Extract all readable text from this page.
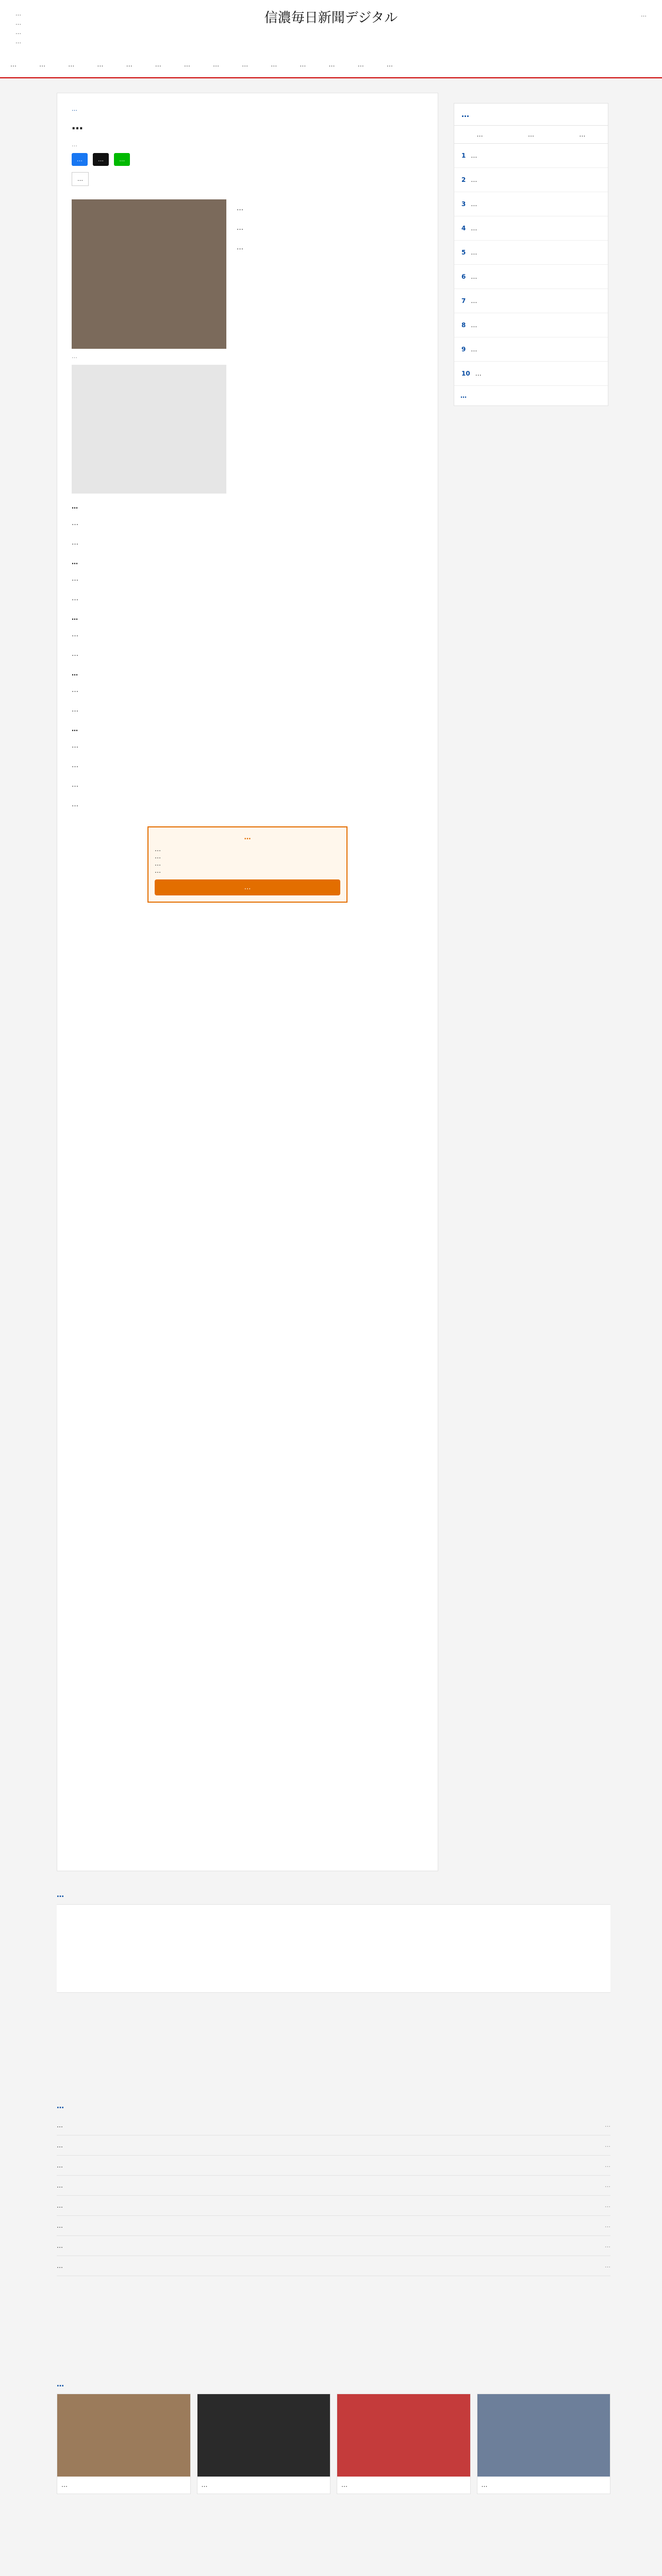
…
…
…
…
信濃毎日新聞デジタル	…
…	…	…	…	…	…	…	…	…	…	…	…	…	…
…
…
…
…	…	…
…
…
…
…
…
…
…
…
…
…
…
…
…
…
…
…
…
…
…
…
…
…
…
…
…
…
…
…
…
…	…	…
1 …
2 …
3 …
4 …
5 …
6 …
7 …
8 …
9 …
10 …
…
…
…
…	…
…	…
…	…
…	…
…	…
…	…
…	…
…	…
…
…	…	…	…
